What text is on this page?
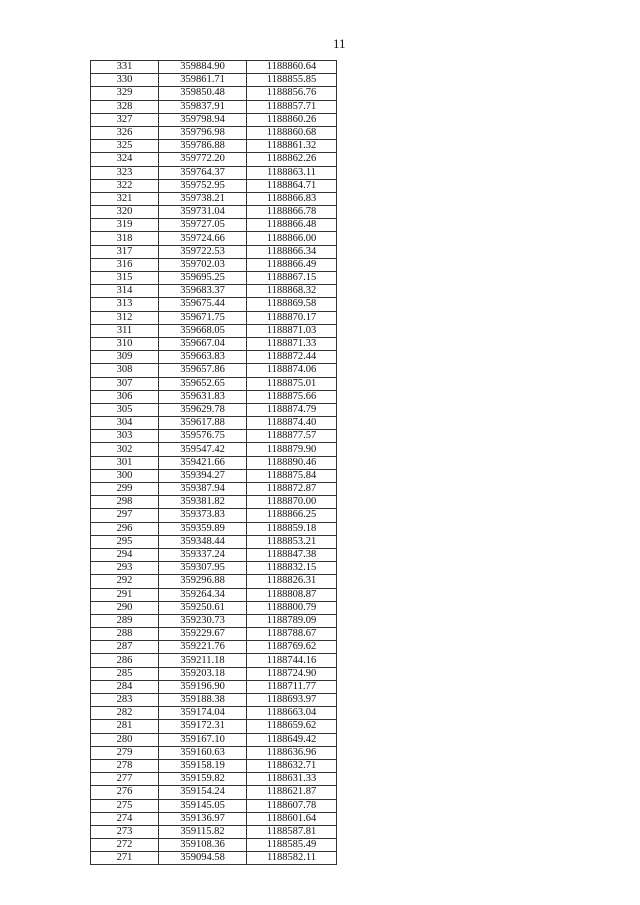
11
331	359884.90	1188860.64
330	359861.71	1188855.85
329	359850.48	1188856.76
328	359837.91	1188857.71
327	359798.94	1188860.26
326	359796.98	1188860.68
325	359786.88	1188861.32
324	359772.20	1188862.26
323	359764.37	1188863.11
322	359752.95	1188864.71
321	359738.21	1188866.83
320	359731.04	1188866.78
319	359727.05	1188866.48
318	359724.66	1188866.00
317	359722.53	1188866.34
316	359702.03	1188866.49
315	359695.25	1188867.15
314	359683.37	1188868.32
313	359675.44	1188869.58
312	359671.75	1188870.17
311	359668.05	1188871.03
310	359667.04	1188871.33
309	359663.83	1188872.44
308	359657.86	1188874.06
307	359652.65	1188875.01
306	359631.83	1188875.66
305	359629.78	1188874.79
304	359617.88	1188874.40
303	359576.75	1188877.57
302	359547.42	1188879.90
301	359421.66	1188890.46
300	359394.27	1188875.84
299	359387.94	1188872.87
298	359381.82	1188870.00
297	359373.83	1188866.25
296	359359.89	1188859.18
295	359348.44	1188853.21
294	359337.24	1188847.38
293	359307.95	1188832.15
292	359296.88	1188826.31
291	359264.34	1188808.87
290	359250.61	1188800.79
289	359230.73	1188789.09
288	359229.67	1188788.67
287	359221.76	1188769.62
286	359211.18	1188744.16
285	359203.18	1188724.90
284	359196.90	1188711.77
283	359188.38	1188693.97
282	359174.04	1188663.04
281	359172.31	1188659.62
280	359167.10	1188649.42
279	359160.63	1188636.96
278	359158.19	1188632.71
277	359159.82	1188631.33
276	359154.24	1188621.87
275	359145.05	1188607.78
274	359136.97	1188601.64
273	359115.82	1188587.81
272	359108.36	1188585.49
271	359094.58	1188582.11
